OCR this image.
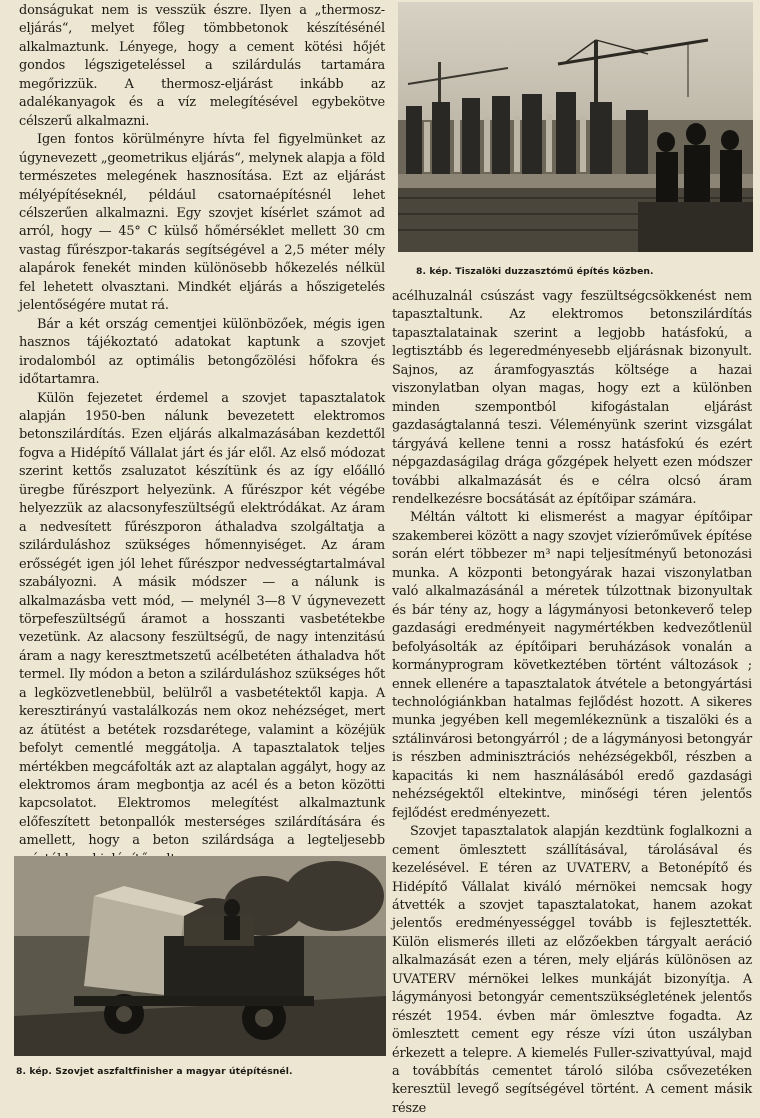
donságukat nem is vesszük észre. Ilyen a „thermosz-eljárás“, melyet főleg tömbbetonok készítésénél alkalmaztunk. Lényege, hogy a cement kötési hőjét gondos légszigeteléssel a szilárdulás tartamára megőrizzük. A thermosz-eljárást inkább az adalékanyagok és a víz melegítésével egybekötve célszerű alkalmazni.

Igen fontos körülményre hívta fel figyelmünket az úgynevezett „geometrikus eljárás“, melynek alapja a föld természetes melegének hasznosítása. Ezt az eljárást mélyépítéseknél, például csatornaépítésnél lehet célszerűen alkalmazni. Egy szovjet kísérlet számot ad arról, hogy — 45° C külső hőmérséklet mellett 30 cm vastag fűrészpor-takarás segítségével a 2,5 méter mély alapárok fenekét minden különösebb hőkezelés nélkül fel lehetett olvasztani. Mindkét eljárás a hőszigetelés jelentőségére mutat rá.

Bár a két ország cementjei különbözőek, mégis igen hasznos tájékoztató adatokat kaptunk a szovjet irodalomból az optimális betongőzölési hőfokra és időtartamra.

Külön fejezetet érdemel a szovjet tapasztalatok alapján 1950-ben nálunk bevezetett elektromos betonszilárdítás. Ezen eljárás alkalmazásában kezdettől fogva a Hidépítő Vállalat járt és jár elől. Az első módozat szerint kettős zsaluzatot készítünk és az így előálló üregbe fűrészport helyezünk. A fűrészpor két végébe helyezzük az alacsonyfeszültségű elektródákat. Az áram a nedvesített fűrészporon áthaladva szolgáltatja a szilárduláshoz szükséges hőmennyiséget. Az áram erősségét igen jól lehet fűrészpor nedvességtartalmával szabályozni. A másik módszer — a nálunk is alkalmazásba vett mód, — melynél 3—8 V úgynevezett törpefeszültségű áramot a hosszanti vasbetétekbe vezetünk. Az alacsony feszültségű, de nagy intenzitású áram a nagy keresztmetszetű acélbetéten áthaladva hőt termel. Ily módon a beton a szilárduláshoz szükséges hőt a legközvetlenebbül, belülről a vasbetétektől kapja. A keresztirányú vastalálkozás nem okoz nehézséget, mert az átütést a betétek rozsdarétege, valamint a közéjük befolyt cementlé meggátolja. A tapasztalatok teljes mértékben megcáfolták azt az alaptalan aggályt, hogy az elektromos áram megbontja az acél és a beton közötti kapcsolatot. Elektromos melegítést alkalmaztunk előfeszített betonpallók mesterséges szilárdítására és amellett, hogy a beton szilárdsága a legteljesebb

8. kép. Tiszalöki duzzasztómű építés közben.

acélhuzalnál csúszást vagy feszültségcsökkenést nem tapasztaltunk. Az elektromos betonszilárdítás tapasztalatainak szerint a legjobb hatásfokú, a legtisztább és legeredményesebb eljárásnak bizonyult. Sajnos, az áramfogyasztás költsége a hazai viszonylatban olyan magas, hogy ezt a különben minden szempontból kifogástalan eljárást gazdaságtalanná teszi. Véleményünk szerint vizsgálat tárgyává kellene tenni a rossz hatásfokú és ezért népgazdaságilag drága gőzgépek helyett ezen módszer további alkalmazását és e célra olcsó áram rendelkezésre bocsátását az építőipar számára.

Méltán váltott ki elismerést a magyar építőipar szakemberei között a nagy szovjet vízierőművek építése során elért többezer m³ napi teljesítményű betonozási munka. A központi betongyárak hazai viszonylatban való alkalmazásánál a méretek túlzottnak bizonyultak és bár tény az, hogy a lágymányosi betonkeverő telep gazdasági eredményeit nagymértékben kedvezőtlenül befolyásolták az építőipari beruházások vonalán a kormányprogram következtében történt változások ; ennek ellenére a tapasztalatok átvétele a betongyártási technológiánkban hatalmas fejlődést hozott. A sikeres munka jegyében kell megemlékeznünk a tiszalöki és a sztálinvárosi betongyárról ; de a lágymányosi betongyár is részben adminisztrációs nehézségekből, részben a kapacitás ki nem használásából eredő gazdasági nehézségektől eltekintve, minőségi téren jelentős fejlődést eredményezett.

Szovjet tapasztalatok alapján kezdtünk foglalkozni a cement ömlesztett szállításával, tárolásával és kezelésével. E téren az UVATERV, a Betonépítő és Hidépítő Vállalat kiváló mérnökei nemcsak hogy átvették a szovjet tapasztalatokat, hanem azokat jelentős eredményességgel tovább is fejlesztették. Külön elismerés illeti az előzőekben tárgyalt aeráció alkalmazását ezen a téren, mely eljárás különösen az UVATERV mérnökei lelkes munkáját bizonyítja. A lágymányosi betongyár cementszükségletének jelentős részét 1954. évben már ömlesztve fogadta. Az ömlesztett cement egy része vízi úton uszályban érkezett a telepre. A kiemelés Fuller-szivattyúval, majd a továbbítás cementet tároló silóba csővezetéken keresztül levegő segítségével történt. A cement másik része

8. kép. Szovjet aszfaltfinisher a magyar útépítésnél.
